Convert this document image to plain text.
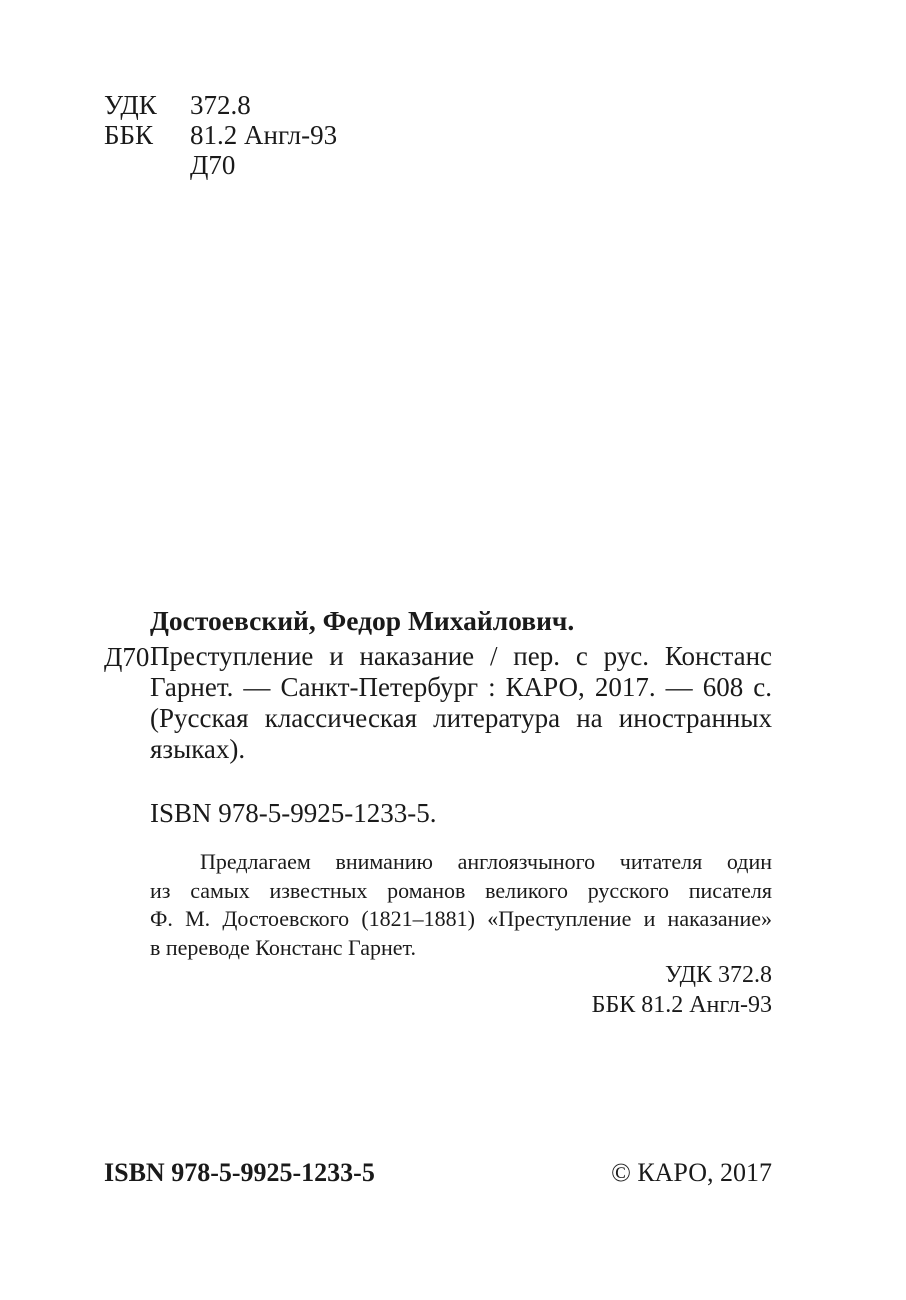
УДК 372.8
ББК 81.2 Англ-93
Д70
Достоевский, Федор Михайлович.
Д70 Преступление и наказание / пер. с рус. Констанс
Гарнет. — Санкт-Петербург : КАРО, 2017. — 608 с.
(Русская классическая литература на иностранных
языках).
ISBN 978-5-9925-1233-5.
Предлагаем вниманию англоязчыного читателя один
из самых известных романов великого русского писателя
Ф. М. Достоевского (1821–1881) «Преступление и наказание»
в переводе Констанс Гарнет.
УДК 372.8
ББК 81.2 Англ-93
ISBN 978-5-9925-1233-5	© КАРО, 2017
